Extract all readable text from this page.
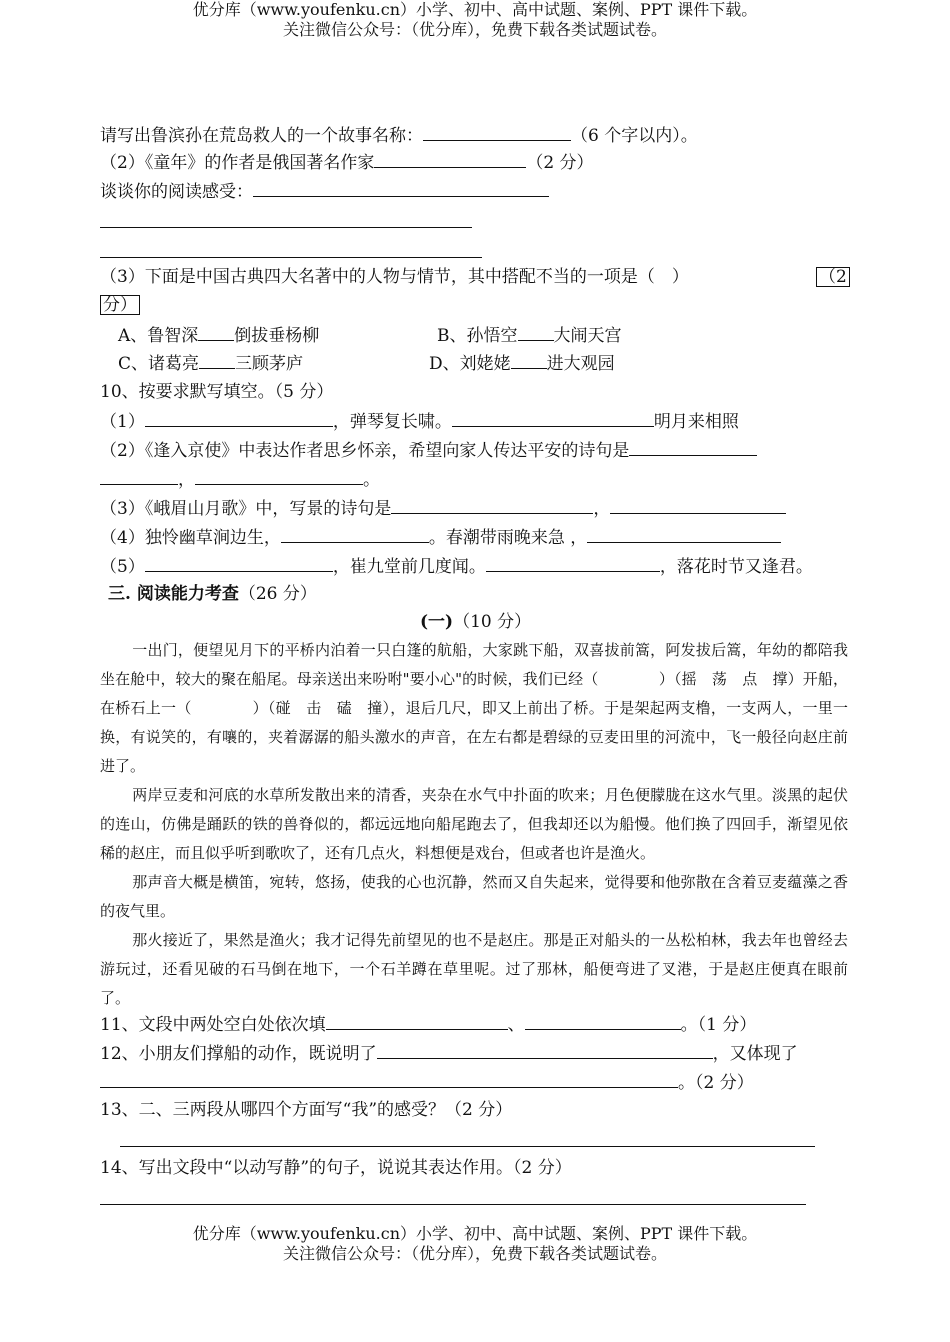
优分库（www.youfenku.cn）小学、初中、高中试题、案例、PPT 课件下载。
关注微信公众号：（优分库），免费下载各类试题试卷。
请写出鲁滨孙在荒岛救人的一个故事名称：	（6 个字以内）。
（2）《童年》的作者是俄国著名作家	（2 分）
谈谈你的阅读感受：
（3）下面是中国古典四大名著中的人物与情节，其中搭配不当的一项是（　）	（2
分）
A、鲁智深 倒拔垂杨柳	B、孙悟空 大闹天宫
C、诸葛亮 三顾茅庐	D、刘姥姥 进大观园
10、按要求默写填空。（5 分）
（1）	，弹琴复长啸。	明月来相照
（2）《逢入京使》中表达作者思乡怀亲，希望向家人传达平安的诗句是
，	。
（3）《峨眉山月歌》中，写景的诗句是	，
（4）独怜幽草涧边生，	。春潮带雨晚来急 ，
（5）	，崔九堂前几度闻。	，落花时节又逢君。
三. 阅读能力考查（26 分）
(一)（10 分）
一出门，便望见月下的平桥内泊着一只白篷的航船，大家跳下船，双喜拔前篙，阿发拔后篙，年幼的都陪我坐在舱中，较大的聚在船尾。母亲送出来吩咐"要小心"的时候，我们已经（　　　　）（摇　荡　点　撑）开船，在桥石上一（　　　　）（碰　击　磕　撞），退后几尺，即又上前出了桥。于是架起两支橹，一支两人，一里一换，有说笑的，有嚷的，夹着潺潺的船头激水的声音，在左右都是碧绿的豆麦田里的河流中，飞一般径向赵庄前进了。
两岸豆麦和河底的水草所发散出来的清香，夹杂在水气中扑面的吹来；月色便朦胧在这水气里。淡黑的起伏的连山，仿佛是踊跃的铁的兽脊似的，都远远地向船尾跑去了，但我却还以为船慢。他们换了四回手，渐望见依稀的赵庄，而且似乎听到歌吹了，还有几点火，料想便是戏台，但或者也许是渔火。
那声音大概是横笛，宛转，悠扬，使我的心也沉静，然而又自失起来，觉得要和他弥散在含着豆麦蕴藻之香的夜气里。
那火接近了，果然是渔火；我才记得先前望见的也不是赵庄。那是正对船头的一丛松柏林，我去年也曾经去游玩过，还看见破的石马倒在地下，一个石羊蹲在草里呢。过了那林，船便弯进了叉港，于是赵庄便真在眼前了。
11、文段中两处空白处依次填	、	。（1 分）
12、小朋友们撑船的动作，既说明了	，又体现了
。（2 分）
13、二、三两段从哪四个方面写“我”的感受？（2 分）
14、写出文段中“以动写静”的句子，说说其表达作用。（2 分）
优分库（www.youfenku.cn）小学、初中、高中试题、案例、PPT 课件下载。
关注微信公众号：（优分库），免费下载各类试题试卷。
